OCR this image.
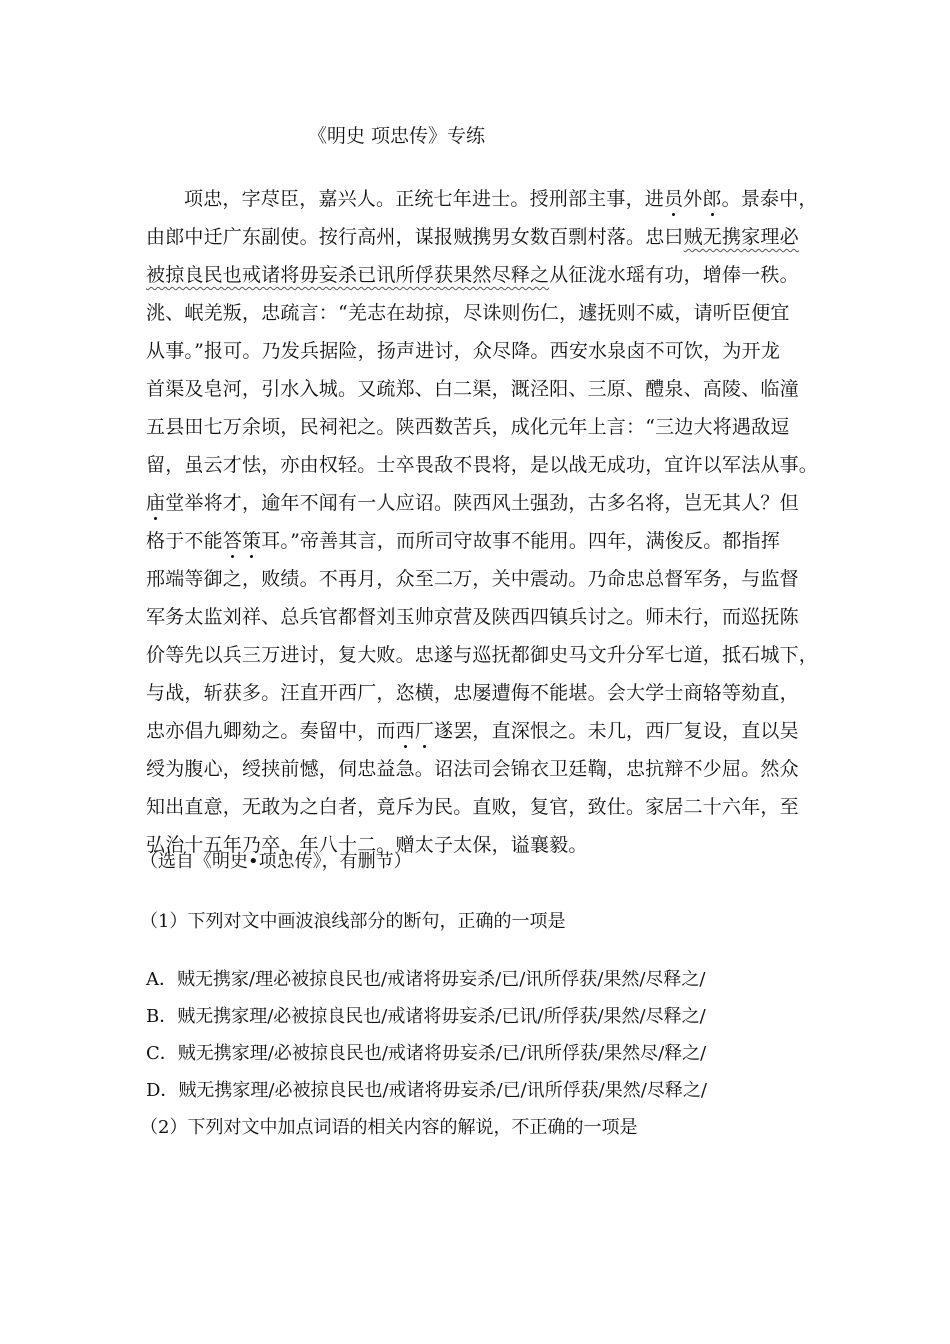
《明史 项忠传》专练
项忠，字荩臣，嘉兴人。正统七年进士。授刑部主事，进员外郎。景泰中，
由郎中迁广东副使。按行高州，谋报贼携男女数百剽村落。忠曰贼无携家理必
被掠良民也戒诸将毋妄杀已讯所俘获果然尽释之从征泷水瑶有功，增俸一秩。
洮、岷羌叛，忠疏言：“羌志在劫掠，尽诛则伤仁，遽抚则不威，请听臣便宜
从事。”报可。乃发兵据险，扬声进讨，众尽降。西安水泉卤不可饮，为开龙
首渠及皂河，引水入城。又疏郑、白二渠，溉泾阳、三原、醴泉、高陵、临潼
五县田七万余顷，民祠祀之。陕西数苦兵，成化元年上言：“三边大将遇敌逗
留，虽云才怯，亦由权轻。士卒畏敌不畏将，是以战无成功，宜许以军法从事。
庙堂举将才，逾年不闻有一人应诏。陕西风土强劲，古多名将，岂无其人？但
格于不能答策耳。”帝善其言，而所司守故事不能用。四年，满俊反。都指挥
邢端等御之，败绩。不再月，众至二万，关中震动。乃命忠总督军务，与监督
军务太监刘祥、总兵官都督刘玉帅京营及陕西四镇兵讨之。师未行，而巡抚陈
价等先以兵三万进讨，复大败。忠遂与巡抚都御史马文升分军七道，抵石城下，
与战，斩获多。汪直开西厂，恣横，忠屡遭侮不能堪。会大学士商辂等劾直，
忠亦倡九卿劾之。奏留中，而西厂遂罢，直深恨之。未几，西厂复设，直以吴
绶为腹心，绶挟前憾，伺忠益急。诏法司会锦衣卫廷鞫，忠抗辩不少屈。然众
知出直意，无敢为之白者，竟斥为民。直败，复官，致仕。家居二十六年，至
弘治十五年乃卒，年八十二。赠太子太保，谥襄毅。
（选自《明史•项忠传》，有删节）
（1）下列对文中画波浪线部分的断句，正确的一项是
A．贼无携家/理必被掠良民也/戒诸将毋妄杀/已/讯所俘获/果然/尽释之/
B．贼无携家理/必被掠良民也/戒诸将毋妄杀/已讯/所俘获/果然/尽释之/
C．贼无携家理/必被掠良民也/戒诸将毋妄杀/已/讯所俘获/果然尽/释之/
D．贼无携家理/必被掠良民也/戒诸将毋妄杀/已/讯所俘获/果然/尽释之/
（2）下列对文中加点词语的相关内容的解说，不正确的一项是
